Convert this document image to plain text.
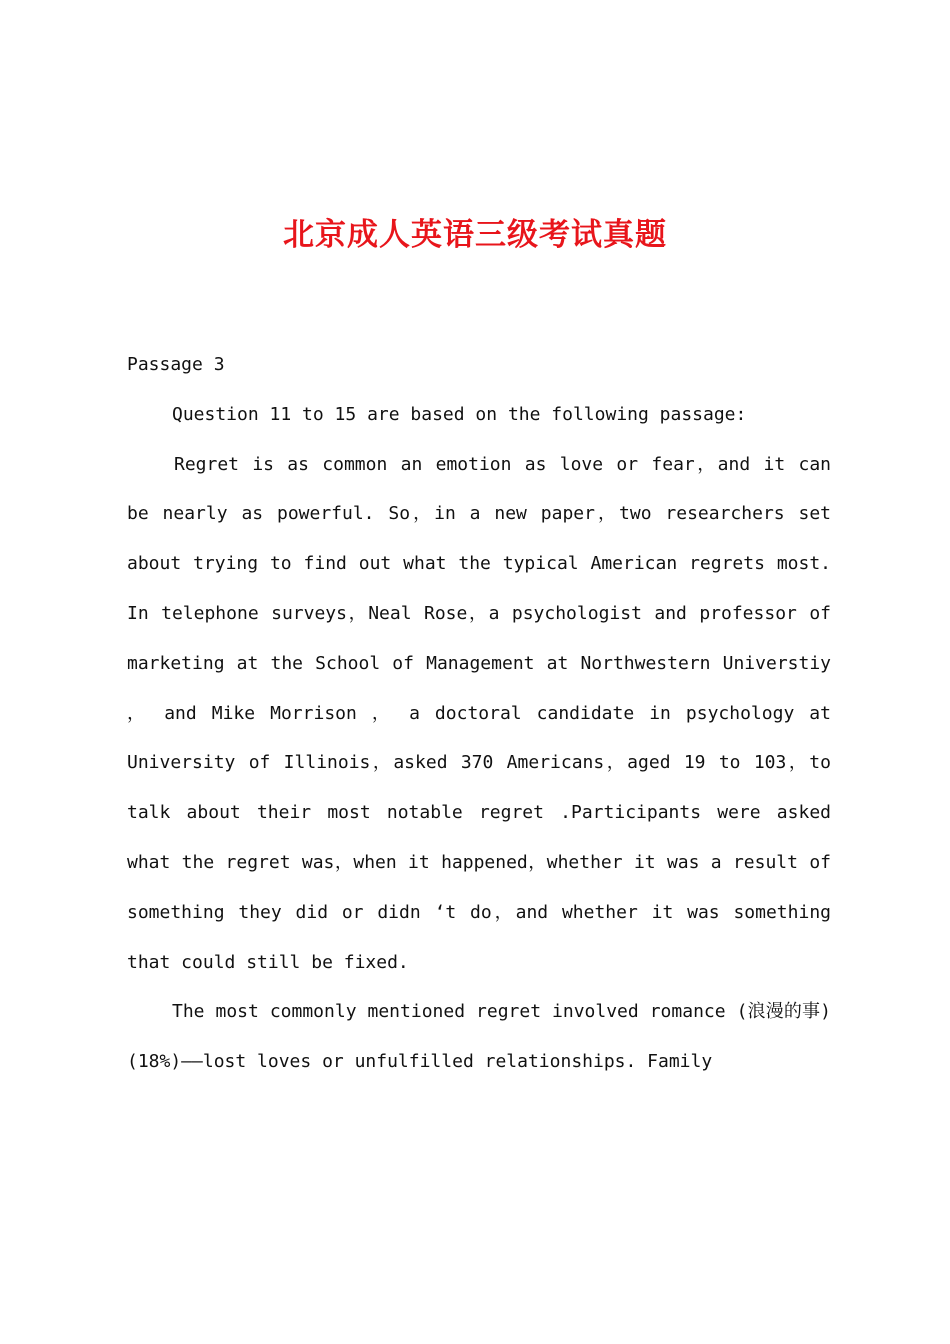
北京成人英语三级考试真题

Passage 3

Question 11 to 15 are based on the following passage:

Regret is as common an emotion as love or fear，and it can be nearly as powerful. So，in a new paper，two researchers set about trying to find out what the typical American regrets most. In telephone surveys，Neal Rose，a psychologist and professor of marketing at the School of Management at Northwestern Universtiy ， and Mike Morrison ， a doctoral candidate in psychology at University of Illinois，asked 370 Americans，aged 19 to 103，to talk about their most notable regret .Participants were asked what the regret was，when it happened，whether it was a result of something they did or didn ‘t do，and whether it was something that could still be fixed.

The most commonly mentioned regret involved romance (浪漫的事)(18%)——lost loves or unfulfilled relationships. Family
